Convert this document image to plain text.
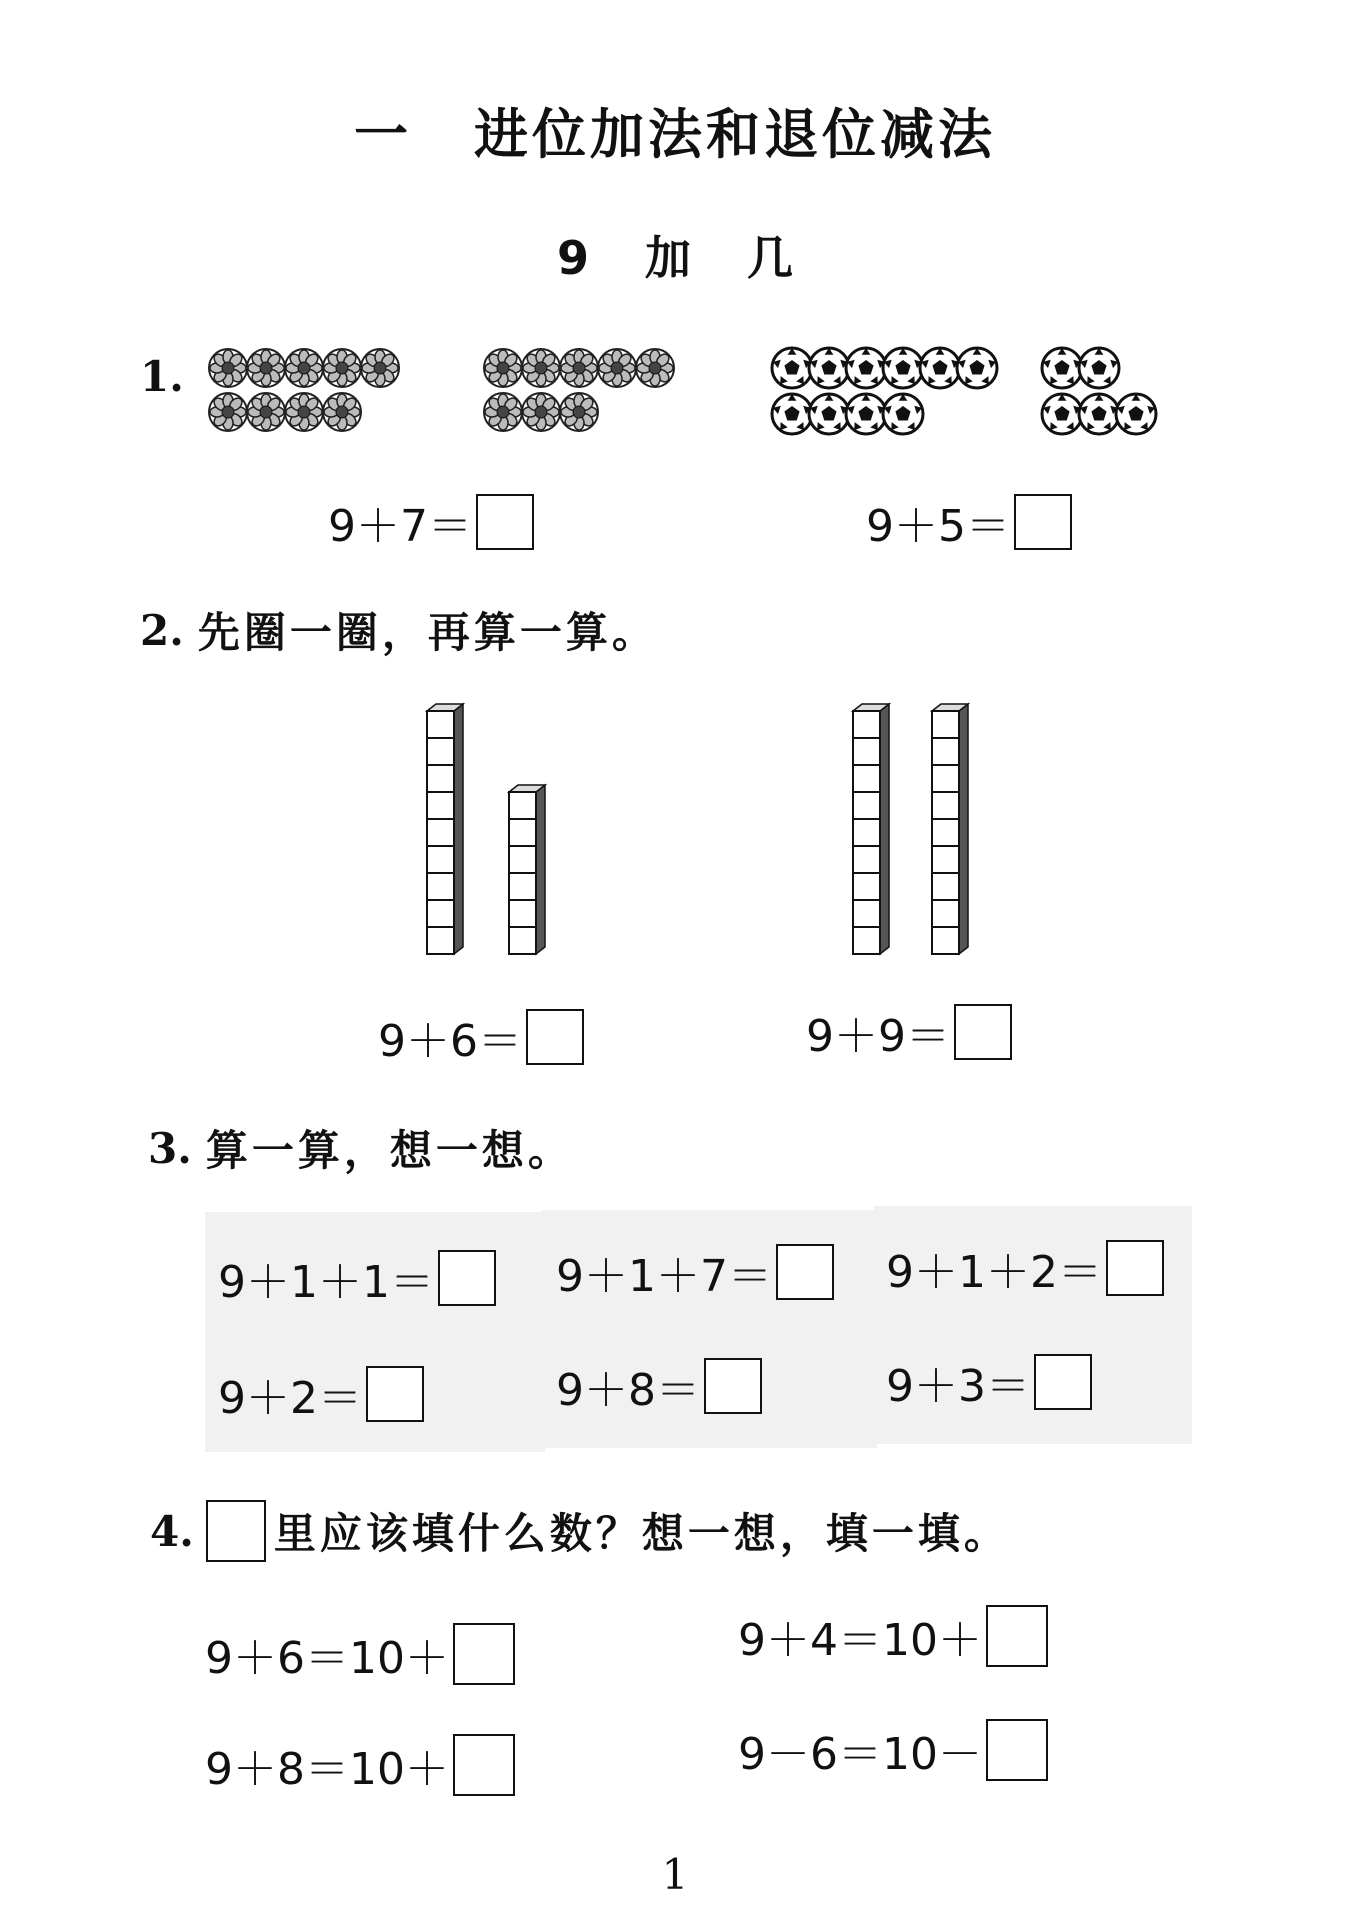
一 进位加法和退位减法
9 加 几
1.
9＋7＝	9＋5＝
2. 先圈一圈，再算一算。
9＋6＝	9＋9＝
3. 算一算，想一想。
9＋1＋1＝	9＋1＋7＝	9＋1＋2＝
9＋2＝	9＋8＝	9＋3＝
4. 里应该填什么数？想一想，填一填。
9＋6＝10＋	9＋4＝10＋
9＋8＝10＋	9－6＝10－
1
